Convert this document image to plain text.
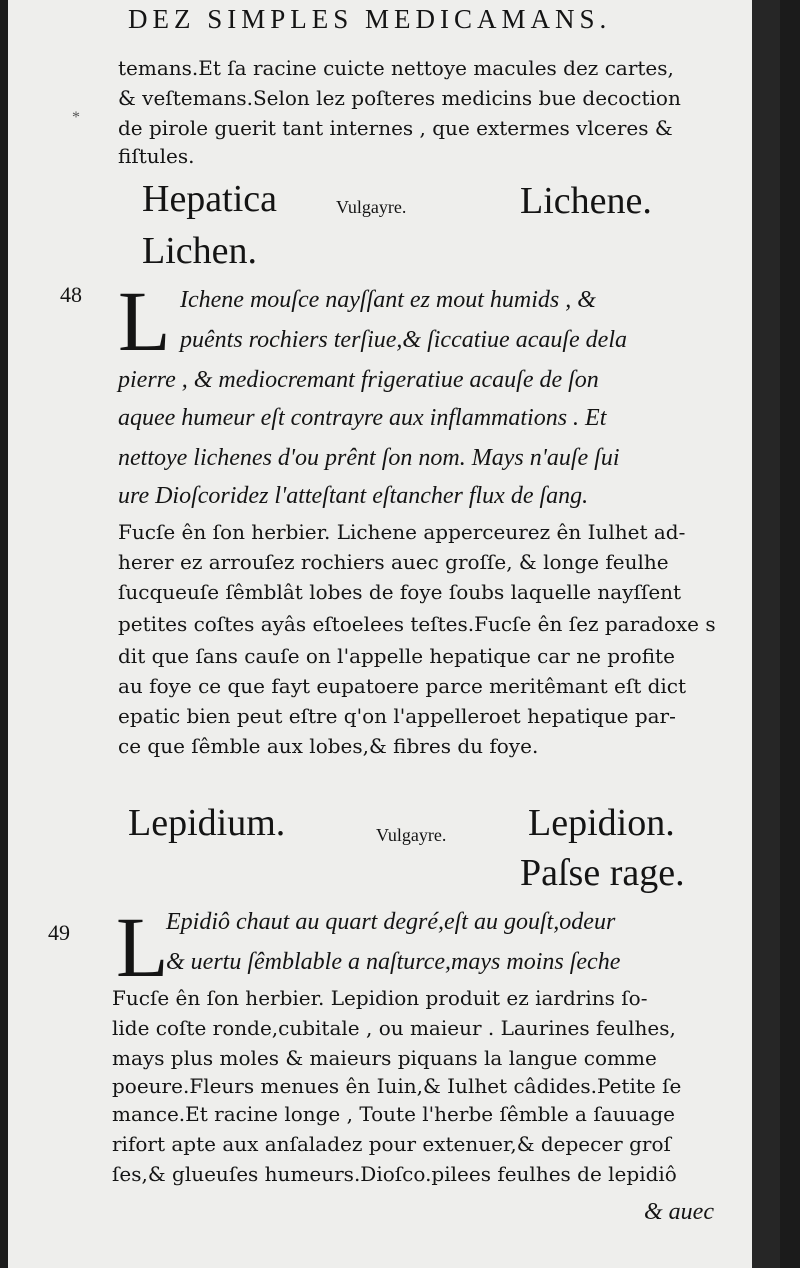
DEZ SIMPLES MEDICAMANS.
temans.Et ſa racine cuicte nettoye macules dez cartes,
& veſtemans.Selon lez poſteres medicins bue decoction
de pirole guerit tant internes , que extermes vlceres &
fiſtules.
*
Hepatica	Vulgayre.	Lichene.
Lichen.
48 L Ichene mouſce nayſſant ez mout humids , &
puênts rochiers terſiue,& ſiccatiue acauſe dela
pierre , & mediocremant frigeratiue acauſe de ſon
aquee humeur eſt contrayre aux inflammations . Et
nettoye lichenes d'ou prênt ſon nom. Mays n'auſe ſui
ure Dioſcoridez l'atteſtant eſtancher flux de ſang.
Fucſe ên ſon herbier. Lichene apperceurez ên Iulhet ad-
herer ez arrouſez rochiers auec groſſe, & longe feulhe
ſucqueuſe ſêmblât lobes de foye ſoubs laquelle nayſſent
petites coſtes ayâs eſtoelees teſtes.Fucſe ên ſez paradoxe s
dit que ſans cauſe on l'appelle hepatique car ne profite
au foye ce que fayt eupatoere parce meritêmant eſt dict
epatic bien peut eſtre q'on l'appelleroet hepatique par-
ce que ſêmble aux lobes,& fibres du foye.
Lepidium.	Vulgayre. Lepidion.
Paſse rage.
49 L
Epidiô chaut au quart degré,eſt au gouſt,odeur
& uertu ſêmblable a naſturce,mays moins ſeche
Fucſe ên ſon herbier. Lepidion produit ez iardrins ſo-
lide coſte ronde,cubitale , ou maieur . Laurines feulhes,
mays plus moles & maieurs piquans la langue comme
poeure.Fleurs menues ên Iuin,& Iulhet câdides.Petite ſe
mance.Et racine longe , Toute l'herbe ſêmble a ſauuage
rifort apte aux anſaladez pour extenuer,& depecer groſ
ſes,& glueuſes humeurs.Dioſco.pilees feulhes de lepidiô
& auec
